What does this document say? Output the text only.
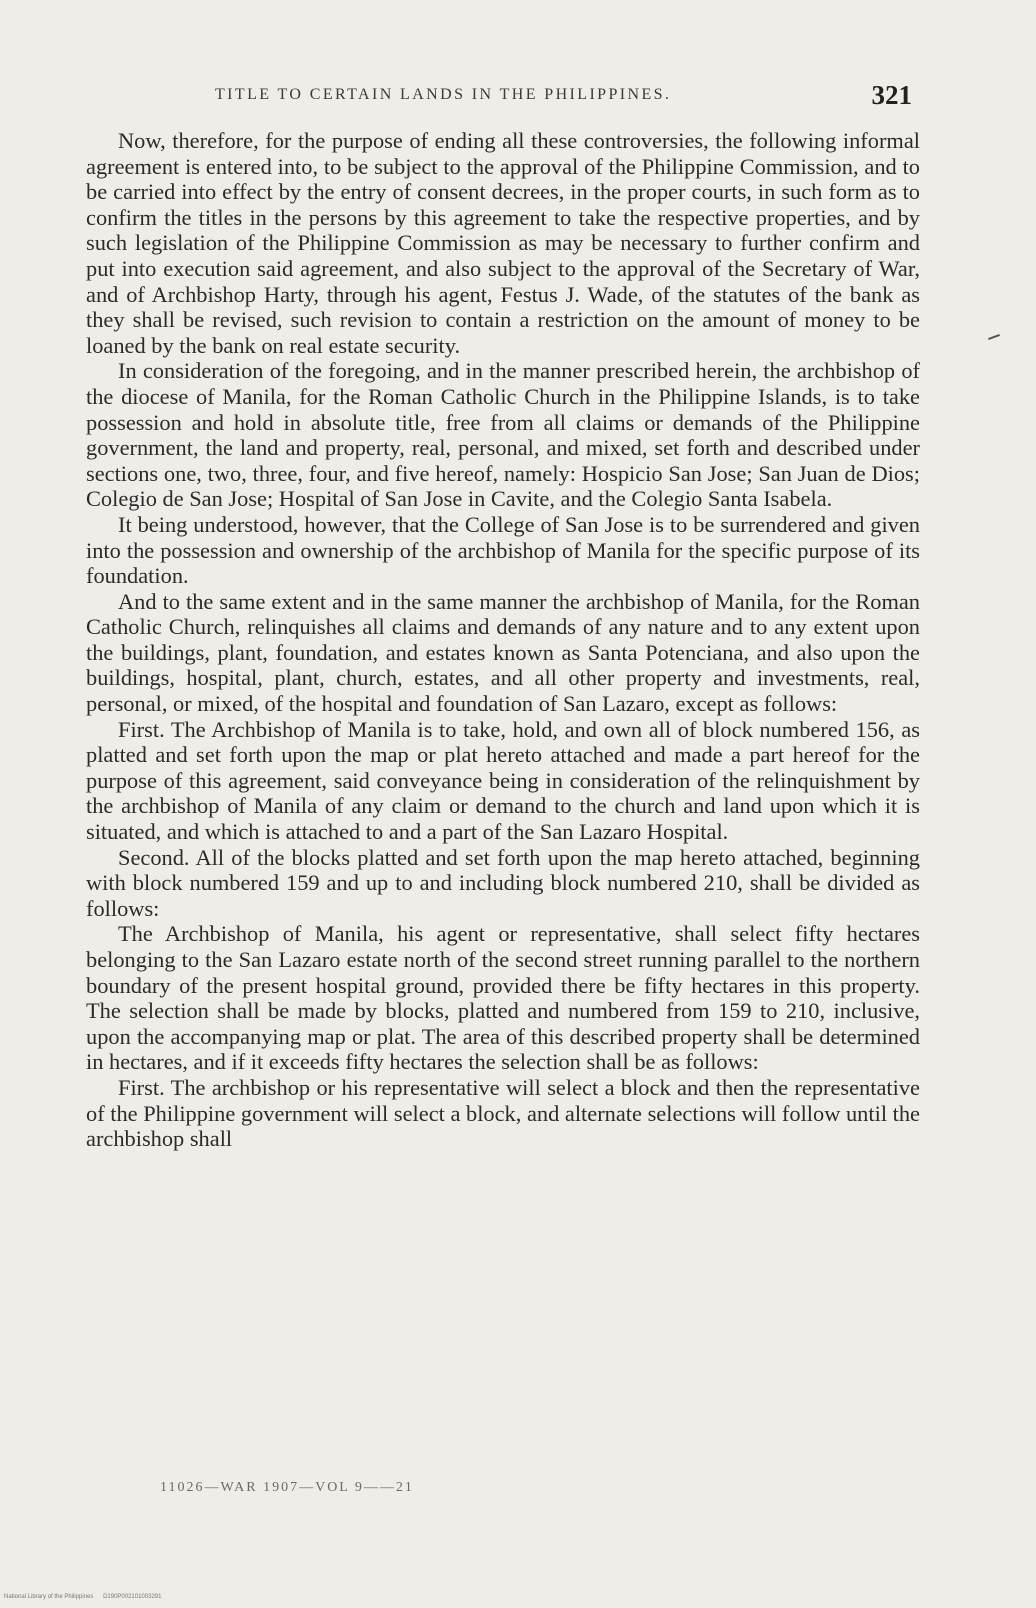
TITLE TO CERTAIN LANDS IN THE PHILIPPINES.	321

Now, therefore, for the purpose of ending all these controversies, the following informal agreement is entered into, to be subject to the approval of the Philippine Commission, and to be carried into effect by the entry of consent decrees, in the proper courts, in such form as to confirm the titles in the persons by this agreement to take the respective properties, and by such legislation of the Philippine Commission as may be necessary to further confirm and put into execution said agreement, and also subject to the approval of the Secretary of War, and of Archbishop Harty, through his agent, Festus J. Wade, of the statutes of the bank as they shall be revised, such revision to contain a restriction on the amount of money to be loaned by the bank on real estate security.

In consideration of the foregoing, and in the manner prescribed herein, the archbishop of the diocese of Manila, for the Roman Catholic Church in the Philippine Islands, is to take possession and hold in absolute title, free from all claims or demands of the Philippine government, the land and property, real, personal, and mixed, set forth and described under sections one, two, three, four, and five hereof, namely: Hospicio San Jose; San Juan de Dios; Colegio de San Jose; Hospital of San Jose in Cavite, and the Colegio Santa Isabela.

It being understood, however, that the College of San Jose is to be surrendered and given into the possession and ownership of the archbishop of Manila for the specific purpose of its foundation.

And to the same extent and in the same manner the archbishop of Manila, for the Roman Catholic Church, relinquishes all claims and demands of any nature and to any extent upon the buildings, plant, foundation, and estates known as Santa Potenciana, and also upon the buildings, hospital, plant, church, estates, and all other property and investments, real, personal, or mixed, of the hospital and foundation of San Lazaro, except as follows:

First. The Archbishop of Manila is to take, hold, and own all of block numbered 156, as platted and set forth upon the map or plat hereto attached and made a part hereof for the purpose of this agreement, said conveyance being in consideration of the relinquishment by the archbishop of Manila of any claim or demand to the church and land upon which it is situated, and which is attached to and a part of the San Lazaro Hospital.

Second. All of the blocks platted and set forth upon the map hereto attached, beginning with block numbered 159 and up to and including block numbered 210, shall be divided as follows:

The Archbishop of Manila, his agent or representative, shall select fifty hectares belonging to the San Lazaro estate north of the second street running parallel to the northern boundary of the present hospital ground, provided there be fifty hectares in this property. The selection shall be made by blocks, platted and numbered from 159 to 210, inclusive, upon the accompanying map or plat. The area of this described property shall be determined in hectares, and if it exceeds fifty hectares the selection shall be as follows:

First. The archbishop or his representative will select a block and then the representative of the Philippine government will select a block, and alternate selections will follow until the archbishop shall

11026—WAR 1907—VOL 9——21
National Library of the Philippines D190P002101003291
